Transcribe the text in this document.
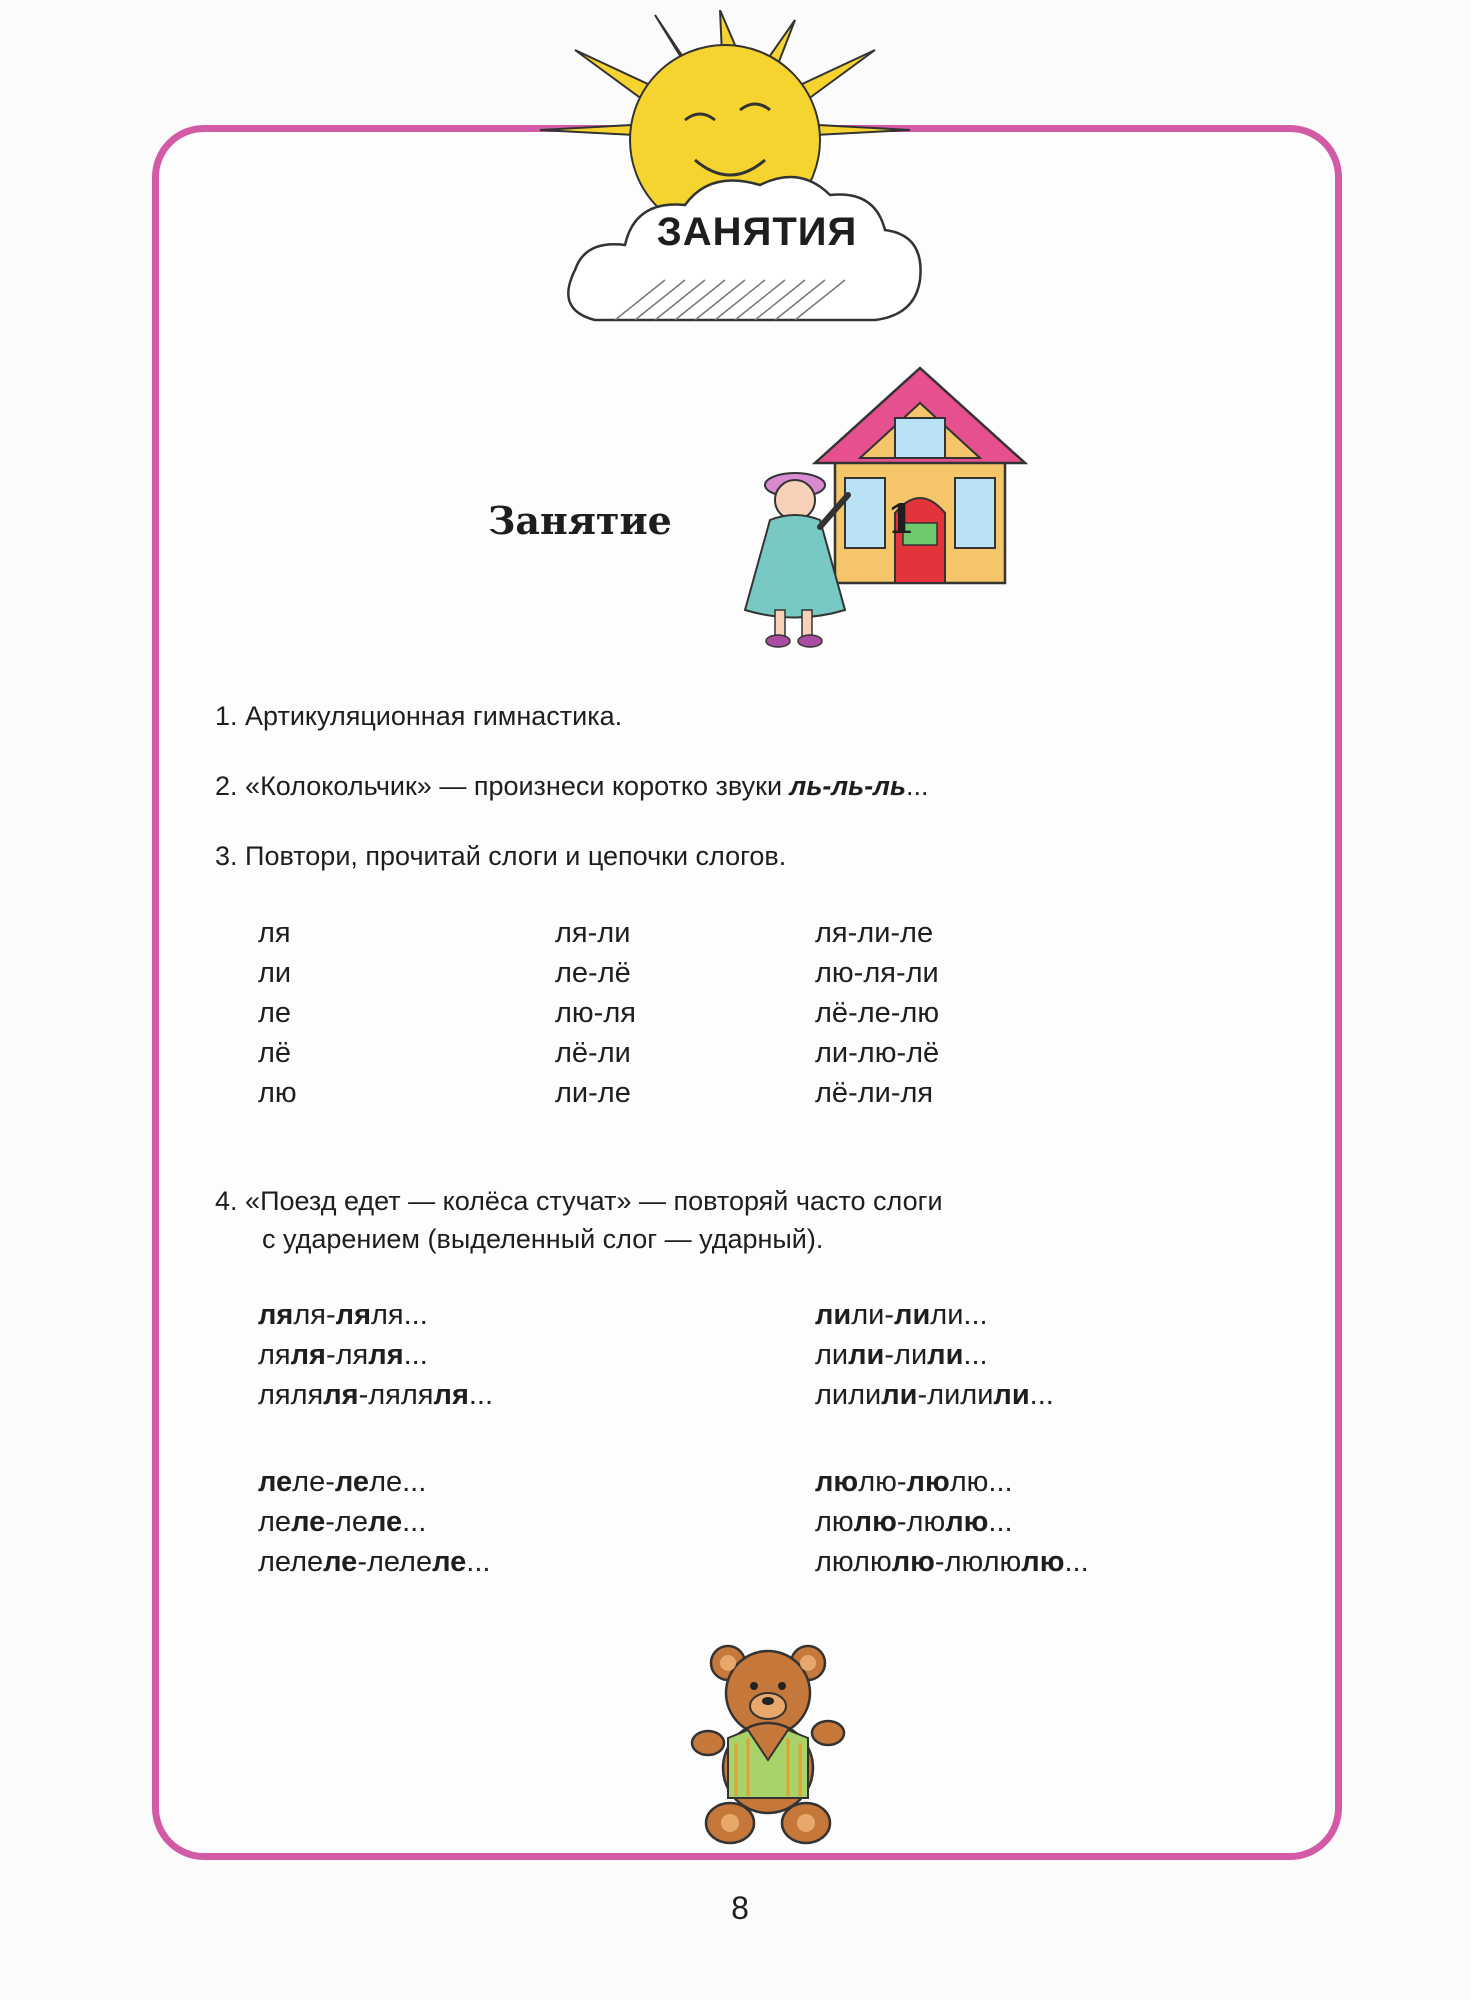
ЗАНЯТИЯ
Занятие	1
1. Артикуляционная гимнастика.
2. «Колокольчик» — произнеси коротко звуки ль-ль-ль...
3. Повтори, прочитай слоги и цепочки слогов.
ля
ли
ле
лё
лю
ля-ли
ле-лё
лю-ля
лё-ли
ли-ле
ля-ли-ле
лю-ля-ли
лё-ле-лю
ли-лю-лё
лё-ли-ля
4. «Поезд едет — колёса стучат» — повторяй часто слоги
с ударением (выделенный слог — ударный).
ляля-ляля...
ляля-ляля...
ляляля-ляляля...
лили-лили...
лили-лили...
лилили-лилили...
леле-леле...
леле-леле...
лелеле-лелеле...
люлю-люлю...
люлю-люлю...
люлюлю-люлюлю...
8
